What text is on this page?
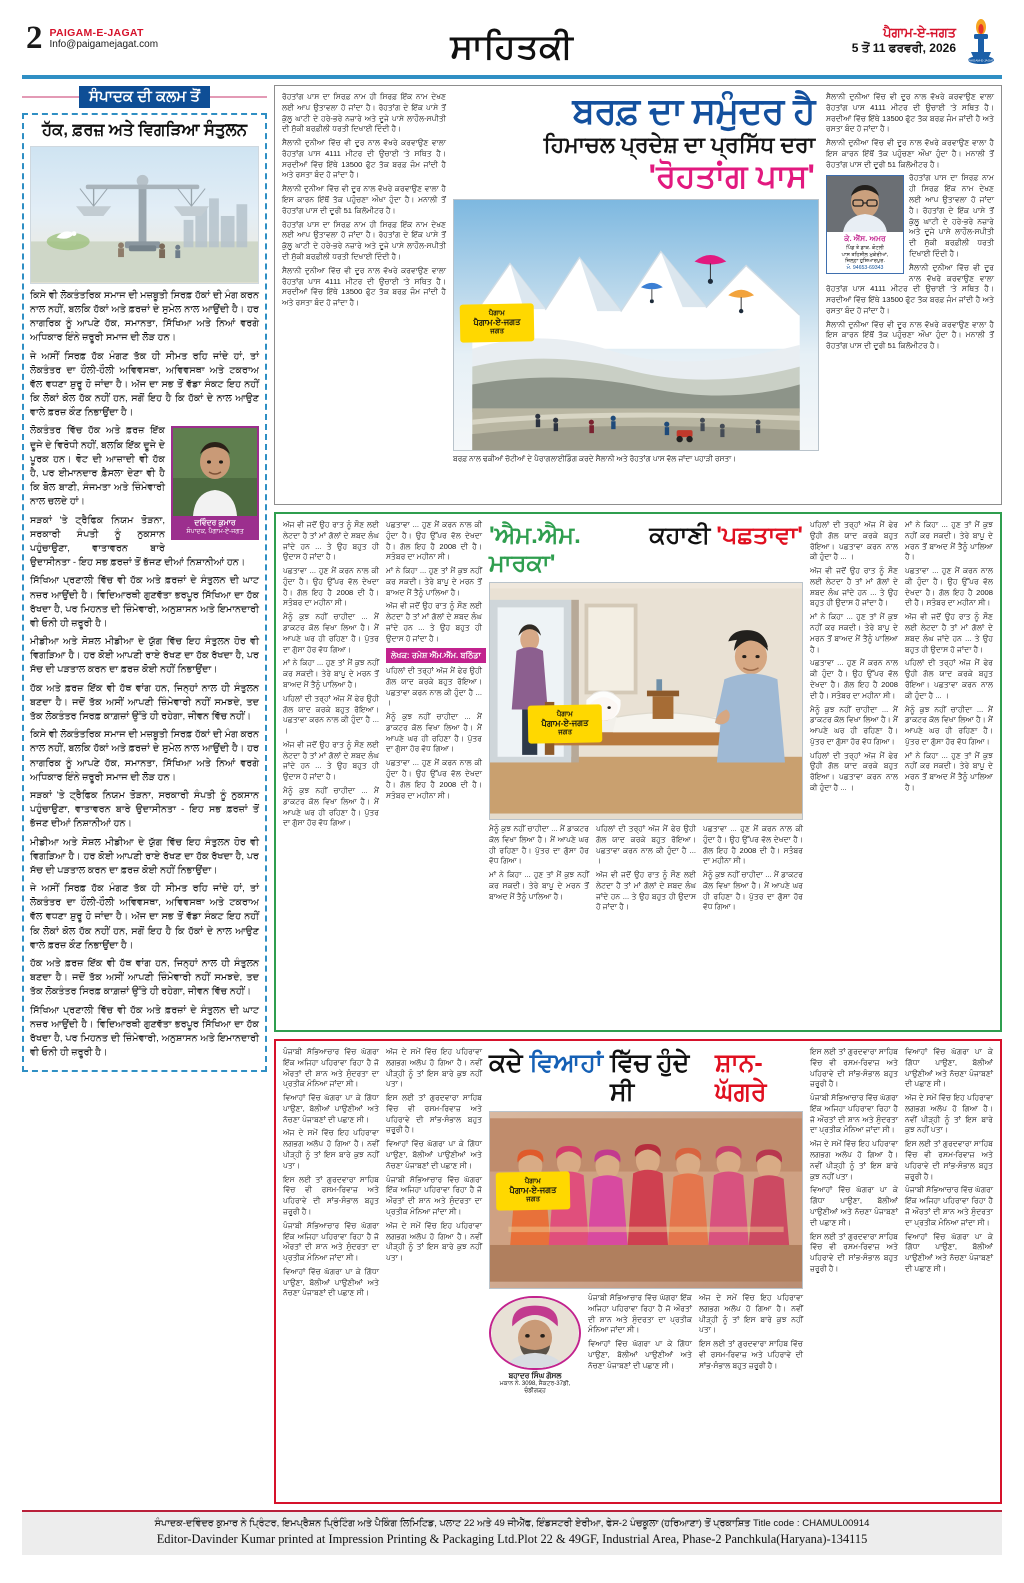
2 PAIGAM-E-JAGAT
Info@paigamejagat.com	ਸਾਹਿਤਕੀ	ਪੈਗਾਮ-ਏ-ਜਗਤ
5 ਤੋਂ 11 ਫਰਵਰੀ, 2026
PAIGAM-E-JAGAT
ਸੰਪਾਦਕ ਦੀ ਕਲਮ ਤੋਂ
ਹੱਕ, ਫ਼ਰਜ਼ ਅਤੇ ਵਿਗੜਿਆ ਸੰਤੁਲਨ

ਕਿਸੇ ਵੀ ਲੋਕਤੰਤਰਿਕ ਸਮਾਜ ਦੀ ਮਜ਼ਬੂਤੀ ਸਿਰਫ਼ ਹੱਕਾਂ ਦੀ ਮੰਗ ਕਰਨ ਨਾਲ ਨਹੀਂ, ਬਲਕਿ ਹੱਕਾਂ ਅਤੇ ਫ਼ਰਜ਼ਾਂ ਦੇ ਸੁਮੇਲ ਨਾਲ ਆਉਂਦੀ ਹੈ। ਹਰ ਨਾਗਰਿਕ ਨੂੰ ਆਪਣੇ ਹੱਕ, ਸਮਾਨਤਾ, ਸਿੱਖਿਆ ਅਤੇ ਨਿਆਂ ਵਰਗੇ ਅਧਿਕਾਰ ਇੰਨੇ ਜ਼ਰੂਰੀ ਸਮਾਜ ਦੀ ਲੋੜ ਹਨ।

ਜੇ ਅਸੀਂ ਸਿਰਫ਼ ਹੱਕ ਮੰਗਣ ਤੱਕ ਹੀ ਸੀਮਤ ਰਹਿ ਜਾਂਦੇ ਹਾਂ, ਤਾਂ ਲੋਕਤੰਤਰ ਦਾ ਹੌਲੀ-ਹੌਲੀ ਅਵਿਵਸਥਾ, ਅਵਿਵਸਥਾ ਅਤੇ ਟਕਰਾਅ ਵੱਲ ਵਧਣਾ ਸ਼ੁਰੂ ਹੋ ਜਾਂਦਾ ਹੈ। ਅੱਜ ਦਾ ਸਭ ਤੋਂ ਵੱਡਾ ਸੰਕਟ ਇਹ ਨਹੀਂ ਕਿ ਲੋਕਾਂ ਕੋਲ ਹੱਕ ਨਹੀਂ ਹਨ, ਸਗੋਂ ਇਹ ਹੈ ਕਿ ਹੱਕਾਂ ਦੇ ਨਾਲ ਆਉਣ ਵਾਲੇ ਫ਼ਰਜ਼ ਕੌਣ ਨਿਭਾਉਂਦਾ ਹੈ।

ਦਵਿੰਦਰ ਕੁਮਾਰ
ਸੰਪਾਦਕ, ਪੈਗਾਮ-ਏ-ਜਗਤ

ਲੋਕਤੰਤਰ ਵਿੱਚ ਹੱਕ ਅਤੇ ਫ਼ਰਜ਼ ਇੱਕ ਦੂਜੇ ਦੇ ਵਿਰੋਧੀ ਨਹੀਂ, ਬਲਕਿ ਇੱਕ ਦੂਜੇ ਦੇ ਪੂਰਕ ਹਨ। ਵੋਟ ਦੀ ਆਜ਼ਾਦੀ ਵੀ ਹੱਕ ਹੈ, ਪਰ ਈਮਾਨਦਾਰ ਫ਼ੈਸਲਾ ਦੇਣਾ ਵੀ ਹੈ ਕਿ ਬੋਲ ਬਾਣੀ, ਸੰਜਮਤਾ ਅਤੇ ਜ਼ਿੰਮੇਵਾਰੀ ਨਾਲ ਚਲਦੇ ਹਾਂ।

ਸੜਕਾਂ 'ਤੇ ਟ੍ਰੈਫਿਕ ਨਿਯਮ ਤੋੜਨਾ, ਸਰਕਾਰੀ ਸੰਪਤੀ ਨੂੰ ਨੁਕਸਾਨ ਪਹੁੰਚਾਉਣਾ, ਵਾਤਾਵਰਨ ਬਾਰੇ ਉਦਾਸੀਨਤਾ - ਇਹ ਸਭ ਫ਼ਰਜ਼ਾਂ ਤੋਂ ਭੱਜਣ ਦੀਆਂ ਨਿਸ਼ਾਨੀਆਂ ਹਨ।

ਸਿੱਖਿਆ ਪ੍ਰਣਾਲੀ ਵਿੱਚ ਵੀ ਹੱਕ ਅਤੇ ਫ਼ਰਜ਼ਾਂ ਦੇ ਸੰਤੁਲਨ ਦੀ ਘਾਟ ਨਜ਼ਰ ਆਉਂਦੀ ਹੈ। ਵਿਦਿਆਰਥੀ ਗੁਣਵੱਤਾ ਭਰਪੂਰ ਸਿੱਖਿਆ ਦਾ ਹੱਕ ਰੱਖਦਾ ਹੈ, ਪਰ ਮਿਹਨਤ ਦੀ ਜ਼ਿੰਮੇਵਾਰੀ, ਅਨੁਸ਼ਾਸਨ ਅਤੇ ਇਮਾਨਦਾਰੀ ਵੀ ਓਨੀ ਹੀ ਜ਼ਰੂਰੀ ਹੈ।

ਮੀਡੀਆ ਅਤੇ ਸੋਸ਼ਲ ਮੀਡੀਆ ਦੇ ਯੁੱਗ ਵਿੱਚ ਇਹ ਸੰਤੁਲਨ ਹੋਰ ਵੀ ਵਿਗੜਿਆ ਹੈ। ਹਰ ਕੋਈ ਆਪਣੀ ਰਾਏ ਰੱਖਣ ਦਾ ਹੱਕ ਰੱਖਦਾ ਹੈ, ਪਰ ਸੱਚ ਦੀ ਪੜਤਾਲ ਕਰਨ ਦਾ ਫ਼ਰਜ਼ ਕੋਈ ਨਹੀਂ ਨਿਭਾਉਂਦਾ।

ਹੱਕ ਅਤੇ ਫ਼ਰਜ਼ ਇੱਕ ਵੀ ਹੱਥ ਵਾਂਗ ਹਨ, ਜਿਨ੍ਹਾਂ ਨਾਲ ਹੀ ਸੰਤੁਲਨ ਬਣਦਾ ਹੈ। ਜਦੋਂ ਤੱਕ ਅਸੀਂ ਆਪਣੀ ਜ਼ਿੰਮੇਵਾਰੀ ਨਹੀਂ ਸਮਝਦੇ, ਤਦ ਤੱਕ ਲੋਕਤੰਤਰ ਸਿਰਫ਼ ਕਾਗ਼ਜ਼ਾਂ ਉੱਤੇ ਹੀ ਰਹੇਗਾ, ਜੀਵਨ ਵਿੱਚ ਨਹੀਂ।

ਕਿਸੇ ਵੀ ਲੋਕਤੰਤਰਿਕ ਸਮਾਜ ਦੀ ਮਜ਼ਬੂਤੀ ਸਿਰਫ਼ ਹੱਕਾਂ ਦੀ ਮੰਗ ਕਰਨ ਨਾਲ ਨਹੀਂ, ਬਲਕਿ ਹੱਕਾਂ ਅਤੇ ਫ਼ਰਜ਼ਾਂ ਦੇ ਸੁਮੇਲ ਨਾਲ ਆਉਂਦੀ ਹੈ। ਹਰ ਨਾਗਰਿਕ ਨੂੰ ਆਪਣੇ ਹੱਕ, ਸਮਾਨਤਾ, ਸਿੱਖਿਆ ਅਤੇ ਨਿਆਂ ਵਰਗੇ ਅਧਿਕਾਰ ਇੰਨੇ ਜ਼ਰੂਰੀ ਸਮਾਜ ਦੀ ਲੋੜ ਹਨ।

ਸੜਕਾਂ 'ਤੇ ਟ੍ਰੈਫਿਕ ਨਿਯਮ ਤੋੜਨਾ, ਸਰਕਾਰੀ ਸੰਪਤੀ ਨੂੰ ਨੁਕਸਾਨ ਪਹੁੰਚਾਉਣਾ, ਵਾਤਾਵਰਨ ਬਾਰੇ ਉਦਾਸੀਨਤਾ - ਇਹ ਸਭ ਫ਼ਰਜ਼ਾਂ ਤੋਂ ਭੱਜਣ ਦੀਆਂ ਨਿਸ਼ਾਨੀਆਂ ਹਨ।

ਮੀਡੀਆ ਅਤੇ ਸੋਸ਼ਲ ਮੀਡੀਆ ਦੇ ਯੁੱਗ ਵਿੱਚ ਇਹ ਸੰਤੁਲਨ ਹੋਰ ਵੀ ਵਿਗੜਿਆ ਹੈ। ਹਰ ਕੋਈ ਆਪਣੀ ਰਾਏ ਰੱਖਣ ਦਾ ਹੱਕ ਰੱਖਦਾ ਹੈ, ਪਰ ਸੱਚ ਦੀ ਪੜਤਾਲ ਕਰਨ ਦਾ ਫ਼ਰਜ਼ ਕੋਈ ਨਹੀਂ ਨਿਭਾਉਂਦਾ।

ਜੇ ਅਸੀਂ ਸਿਰਫ਼ ਹੱਕ ਮੰਗਣ ਤੱਕ ਹੀ ਸੀਮਤ ਰਹਿ ਜਾਂਦੇ ਹਾਂ, ਤਾਂ ਲੋਕਤੰਤਰ ਦਾ ਹੌਲੀ-ਹੌਲੀ ਅਵਿਵਸਥਾ, ਅਵਿਵਸਥਾ ਅਤੇ ਟਕਰਾਅ ਵੱਲ ਵਧਣਾ ਸ਼ੁਰੂ ਹੋ ਜਾਂਦਾ ਹੈ। ਅੱਜ ਦਾ ਸਭ ਤੋਂ ਵੱਡਾ ਸੰਕਟ ਇਹ ਨਹੀਂ ਕਿ ਲੋਕਾਂ ਕੋਲ ਹੱਕ ਨਹੀਂ ਹਨ, ਸਗੋਂ ਇਹ ਹੈ ਕਿ ਹੱਕਾਂ ਦੇ ਨਾਲ ਆਉਣ ਵਾਲੇ ਫ਼ਰਜ਼ ਕੌਣ ਨਿਭਾਉਂਦਾ ਹੈ।

ਹੱਕ ਅਤੇ ਫ਼ਰਜ਼ ਇੱਕ ਵੀ ਹੱਥ ਵਾਂਗ ਹਨ, ਜਿਨ੍ਹਾਂ ਨਾਲ ਹੀ ਸੰਤੁਲਨ ਬਣਦਾ ਹੈ। ਜਦੋਂ ਤੱਕ ਅਸੀਂ ਆਪਣੀ ਜ਼ਿੰਮੇਵਾਰੀ ਨਹੀਂ ਸਮਝਦੇ, ਤਦ ਤੱਕ ਲੋਕਤੰਤਰ ਸਿਰਫ਼ ਕਾਗ਼ਜ਼ਾਂ ਉੱਤੇ ਹੀ ਰਹੇਗਾ, ਜੀਵਨ ਵਿੱਚ ਨਹੀਂ।

ਸਿੱਖਿਆ ਪ੍ਰਣਾਲੀ ਵਿੱਚ ਵੀ ਹੱਕ ਅਤੇ ਫ਼ਰਜ਼ਾਂ ਦੇ ਸੰਤੁਲਨ ਦੀ ਘਾਟ ਨਜ਼ਰ ਆਉਂਦੀ ਹੈ। ਵਿਦਿਆਰਥੀ ਗੁਣਵੱਤਾ ਭਰਪੂਰ ਸਿੱਖਿਆ ਦਾ ਹੱਕ ਰੱਖਦਾ ਹੈ, ਪਰ ਮਿਹਨਤ ਦੀ ਜ਼ਿੰਮੇਵਾਰੀ, ਅਨੁਸ਼ਾਸਨ ਅਤੇ ਇਮਾਨਦਾਰੀ ਵੀ ਓਨੀ ਹੀ ਜ਼ਰੂਰੀ ਹੈ।

ਰੋਹਤਾਂਗ ਪਾਸ ਦਾ ਸਿਰਫ਼ ਨਾਮ ਹੀ ਸਿਰਫ਼ ਇੱਕ ਨਾਮ ਦੇਖਣ ਲਈ ਆਪ ਉਤਾਵਲਾ ਹੋ ਜਾਂਦਾ ਹੈ। ਰੋਹਤਾਂਗ ਦੇ ਇੱਕ ਪਾਸੇ ਤੋਂ ਕੁੱਲੂ ਘਾਟੀ ਦੇ ਹਰੇ-ਭਰੇ ਨਜ਼ਾਰੇ ਅਤੇ ਦੂਜੇ ਪਾਸੇ ਲਾਹੌਲ-ਸਪੀਤੀ ਦੀ ਸੁੱਕੀ ਬਰਫ਼ੀਲੀ ਧਰਤੀ ਦਿਖਾਈ ਦਿੰਦੀ ਹੈ।

ਸੈਲਾਨੀ ਦੁਨੀਆ ਵਿੱਚ ਵੀ ਦੂਰ ਨਾਲ ਵੱਖਰੇ ਕਰਵਾਉਣ ਵਾਲਾ ਰੋਹਤਾਂਗ ਪਾਸ 4111 ਮੀਟਰ ਦੀ ਉਚਾਈ 'ਤੇ ਸਥਿਤ ਹੈ। ਸਰਦੀਆਂ ਵਿੱਚ ਇੱਥੇ 13500 ਫੁੱਟ ਤੱਕ ਬਰਫ਼ ਜੰਮ ਜਾਂਦੀ ਹੈ ਅਤੇ ਰਸਤਾ ਬੰਦ ਹੋ ਜਾਂਦਾ ਹੈ।

ਸੈਲਾਨੀ ਦੁਨੀਆ ਵਿੱਚ ਵੀ ਦੂਰ ਨਾਲ ਵੱਖਰੇ ਕਰਵਾਉਣ ਵਾਲਾ ਹੈ ਇਸ ਕਾਰਨ ਇੱਥੋਂ ਤੱਕ ਪਹੁੰਚਣਾ ਔਖਾ ਹੁੰਦਾ ਹੈ। ਮਨਾਲੀ ਤੋਂ ਰੋਹਤਾਂਗ ਪਾਸ ਦੀ ਦੂਰੀ 51 ਕਿਲੋਮੀਟਰ ਹੈ।

ਰੋਹਤਾਂਗ ਪਾਸ ਦਾ ਸਿਰਫ਼ ਨਾਮ ਹੀ ਸਿਰਫ਼ ਇੱਕ ਨਾਮ ਦੇਖਣ ਲਈ ਆਪ ਉਤਾਵਲਾ ਹੋ ਜਾਂਦਾ ਹੈ। ਰੋਹਤਾਂਗ ਦੇ ਇੱਕ ਪਾਸੇ ਤੋਂ ਕੁੱਲੂ ਘਾਟੀ ਦੇ ਹਰੇ-ਭਰੇ ਨਜ਼ਾਰੇ ਅਤੇ ਦੂਜੇ ਪਾਸੇ ਲਾਹੌਲ-ਸਪੀਤੀ ਦੀ ਸੁੱਕੀ ਬਰਫ਼ੀਲੀ ਧਰਤੀ ਦਿਖਾਈ ਦਿੰਦੀ ਹੈ।

ਸੈਲਾਨੀ ਦੁਨੀਆ ਵਿੱਚ ਵੀ ਦੂਰ ਨਾਲ ਵੱਖਰੇ ਕਰਵਾਉਣ ਵਾਲਾ ਰੋਹਤਾਂਗ ਪਾਸ 4111 ਮੀਟਰ ਦੀ ਉਚਾਈ 'ਤੇ ਸਥਿਤ ਹੈ। ਸਰਦੀਆਂ ਵਿੱਚ ਇੱਥੇ 13500 ਫੁੱਟ ਤੱਕ ਬਰਫ਼ ਜੰਮ ਜਾਂਦੀ ਹੈ ਅਤੇ ਰਸਤਾ ਬੰਦ ਹੋ ਜਾਂਦਾ ਹੈ।

ਬਰਫ਼ ਦਾ ਸਮੁੰਦਰ ਹੈ
ਹਿਮਾਚਲ ਪ੍ਰਦੇਸ਼ ਦਾ ਪ੍ਰਸਿੱਧ ਦਰਾ
'ਰੋਹਤਾਂਗ ਪਾਸ'
ਪੈਗਾਮ
ਪੈਗਾਮ-ਏ-ਜਗਤ
ਜਗਤ
ਬਰਫ਼ ਨਾਲ ਢਕੀਆਂ ਚੋਟੀਆਂ ਦੇ ਪੈਰਾਗਲਾਈਡਿੰਗ ਕਰਦੇ ਸੈਲਾਨੀ ਅਤੇ ਰੋਹਤਾਂਗ ਪਾਸ ਵੱਲ ਜਾਂਦਾ ਪਹਾੜੀ ਰਸਤਾ।

ਸੈਲਾਨੀ ਦੁਨੀਆ ਵਿੱਚ ਵੀ ਦੂਰ ਨਾਲ ਵੱਖਰੇ ਕਰਵਾਉਣ ਵਾਲਾ ਰੋਹਤਾਂਗ ਪਾਸ 4111 ਮੀਟਰ ਦੀ ਉਚਾਈ 'ਤੇ ਸਥਿਤ ਹੈ। ਸਰਦੀਆਂ ਵਿੱਚ ਇੱਥੇ 13500 ਫੁੱਟ ਤੱਕ ਬਰਫ਼ ਜੰਮ ਜਾਂਦੀ ਹੈ ਅਤੇ ਰਸਤਾ ਬੰਦ ਹੋ ਜਾਂਦਾ ਹੈ।

ਸੈਲਾਨੀ ਦੁਨੀਆ ਵਿੱਚ ਵੀ ਦੂਰ ਨਾਲ ਵੱਖਰੇ ਕਰਵਾਉਣ ਵਾਲਾ ਹੈ ਇਸ ਕਾਰਨ ਇੱਥੋਂ ਤੱਕ ਪਹੁੰਚਣਾ ਔਖਾ ਹੁੰਦਾ ਹੈ। ਮਨਾਲੀ ਤੋਂ ਰੋਹਤਾਂਗ ਪਾਸ ਦੀ ਦੂਰੀ 51 ਕਿਲੋਮੀਟਰ ਹੈ।

ਕੇ. ਐੱਸ. ਅਮਰ
ਪਿੰਡ ਤੇ ਡਾਕ. ਕੋਟਲੀ
ਪਾਸ ਤਹਿਸੀਲ ਮੁਕੇਰੀਆਂ,
ਜ਼ਿਲ੍ਹਾ ਹੁਸ਼ਿਆਰਪੁਰ.
ਮੋ. 94653-69343

ਰੋਹਤਾਂਗ ਪਾਸ ਦਾ ਸਿਰਫ਼ ਨਾਮ ਹੀ ਸਿਰਫ਼ ਇੱਕ ਨਾਮ ਦੇਖਣ ਲਈ ਆਪ ਉਤਾਵਲਾ ਹੋ ਜਾਂਦਾ ਹੈ। ਰੋਹਤਾਂਗ ਦੇ ਇੱਕ ਪਾਸੇ ਤੋਂ ਕੁੱਲੂ ਘਾਟੀ ਦੇ ਹਰੇ-ਭਰੇ ਨਜ਼ਾਰੇ ਅਤੇ ਦੂਜੇ ਪਾਸੇ ਲਾਹੌਲ-ਸਪੀਤੀ ਦੀ ਸੁੱਕੀ ਬਰਫ਼ੀਲੀ ਧਰਤੀ ਦਿਖਾਈ ਦਿੰਦੀ ਹੈ।

ਸੈਲਾਨੀ ਦੁਨੀਆ ਵਿੱਚ ਵੀ ਦੂਰ ਨਾਲ ਵੱਖਰੇ ਕਰਵਾਉਣ ਵਾਲਾ ਰੋਹਤਾਂਗ ਪਾਸ 4111 ਮੀਟਰ ਦੀ ਉਚਾਈ 'ਤੇ ਸਥਿਤ ਹੈ। ਸਰਦੀਆਂ ਵਿੱਚ ਇੱਥੇ 13500 ਫੁੱਟ ਤੱਕ ਬਰਫ਼ ਜੰਮ ਜਾਂਦੀ ਹੈ ਅਤੇ ਰਸਤਾ ਬੰਦ ਹੋ ਜਾਂਦਾ ਹੈ।

ਸੈਲਾਨੀ ਦੁਨੀਆ ਵਿੱਚ ਵੀ ਦੂਰ ਨਾਲ ਵੱਖਰੇ ਕਰਵਾਉਣ ਵਾਲਾ ਹੈ ਇਸ ਕਾਰਨ ਇੱਥੋਂ ਤੱਕ ਪਹੁੰਚਣਾ ਔਖਾ ਹੁੰਦਾ ਹੈ। ਮਨਾਲੀ ਤੋਂ ਰੋਹਤਾਂਗ ਪਾਸ ਦੀ ਦੂਰੀ 51 ਕਿਲੋਮੀਟਰ ਹੈ।

ਅੱਜ ਵੀ ਜਦੋਂ ਉਹ ਰਾਤ ਨੂੰ ਸੌਣ ਲਈ ਲੇਟਦਾ ਹੈ ਤਾਂ ਮਾਂ ਗੱਲਾਂ ਦੇ ਸ਼ਬਦ ਲੰਘ ਜਾਂਦੇ ਹਨ ... ਤੇ ਉਹ ਬਹੁਤ ਹੀ ਉਦਾਸ ਹੋ ਜਾਂਦਾ ਹੈ।

ਪਛਤਾਵਾ ... ਹੁਣ ਮੈਂ ਕਰਨ ਨਾਲ ਕੀ ਹੁੰਦਾ ਹੈ। ਉਹ ਉੱਪਰ ਵੱਲ ਦੇਖਦਾ ਹੈ। ਗੱਲ ਇਹ ਹੈ 2008 ਦੀ ਹੈ। ਸਤੰਬਰ ਦਾ ਮਹੀਨਾ ਸੀ।

ਮੈਨੂੰ ਕੁਝ ਨਹੀਂ ਚਾਹੀਦਾ ... ਮੈਂ ਡਾਕਟਰ ਕੋਲ ਵਿਖਾ ਲਿਆ ਹੈ। ਮੈਂ ਆਪਣੇ ਘਰ ਹੀ ਰਹਿਣਾ ਹੈ। ਪੁੱਤਰ ਦਾ ਗੁੱਸਾ ਹੋਰ ਵੱਧ ਗਿਆ।

ਮਾਂ ਨੇ ਕਿਹਾ ... ਹੁਣ ਤਾਂ ਮੈਂ ਕੁਝ ਨਹੀਂ ਕਰ ਸਕਦੀ। ਤੇਰੇ ਬਾਪੂ ਦੇ ਮਰਨ ਤੋਂ ਬਾਅਦ ਮੈਂ ਤੈਨੂੰ ਪਾਲਿਆ ਹੈ।

ਪਹਿਲਾਂ ਦੀ ਤਰ੍ਹਾਂ ਅੱਜ ਮੈਂ ਫੇਰ ਉਹੀ ਗੱਲ ਯਾਦ ਕਰਕੇ ਬਹੁਤ ਰੋਇਆ। ਪਛਤਾਵਾ ਕਰਨ ਨਾਲ ਕੀ ਹੁੰਦਾ ਹੈ ... ।

ਅੱਜ ਵੀ ਜਦੋਂ ਉਹ ਰਾਤ ਨੂੰ ਸੌਣ ਲਈ ਲੇਟਦਾ ਹੈ ਤਾਂ ਮਾਂ ਗੱਲਾਂ ਦੇ ਸ਼ਬਦ ਲੰਘ ਜਾਂਦੇ ਹਨ ... ਤੇ ਉਹ ਬਹੁਤ ਹੀ ਉਦਾਸ ਹੋ ਜਾਂਦਾ ਹੈ।

ਮੈਨੂੰ ਕੁਝ ਨਹੀਂ ਚਾਹੀਦਾ ... ਮੈਂ ਡਾਕਟਰ ਕੋਲ ਵਿਖਾ ਲਿਆ ਹੈ। ਮੈਂ ਆਪਣੇ ਘਰ ਹੀ ਰਹਿਣਾ ਹੈ। ਪੁੱਤਰ ਦਾ ਗੁੱਸਾ ਹੋਰ ਵੱਧ ਗਿਆ।

ਪਛਤਾਵਾ ... ਹੁਣ ਮੈਂ ਕਰਨ ਨਾਲ ਕੀ ਹੁੰਦਾ ਹੈ। ਉਹ ਉੱਪਰ ਵੱਲ ਦੇਖਦਾ ਹੈ। ਗੱਲ ਇਹ ਹੈ 2008 ਦੀ ਹੈ। ਸਤੰਬਰ ਦਾ ਮਹੀਨਾ ਸੀ।

ਮਾਂ ਨੇ ਕਿਹਾ ... ਹੁਣ ਤਾਂ ਮੈਂ ਕੁਝ ਨਹੀਂ ਕਰ ਸਕਦੀ। ਤੇਰੇ ਬਾਪੂ ਦੇ ਮਰਨ ਤੋਂ ਬਾਅਦ ਮੈਂ ਤੈਨੂੰ ਪਾਲਿਆ ਹੈ।

ਅੱਜ ਵੀ ਜਦੋਂ ਉਹ ਰਾਤ ਨੂੰ ਸੌਣ ਲਈ ਲੇਟਦਾ ਹੈ ਤਾਂ ਮਾਂ ਗੱਲਾਂ ਦੇ ਸ਼ਬਦ ਲੰਘ ਜਾਂਦੇ ਹਨ ... ਤੇ ਉਹ ਬਹੁਤ ਹੀ ਉਦਾਸ ਹੋ ਜਾਂਦਾ ਹੈ।

ਲੇਖਕ: ਰਮੇਸ਼ ਐੱਮ.ਐੱਮ. ਬਠਿੰਡਾ

ਪਹਿਲਾਂ ਦੀ ਤਰ੍ਹਾਂ ਅੱਜ ਮੈਂ ਫੇਰ ਉਹੀ ਗੱਲ ਯਾਦ ਕਰਕੇ ਬਹੁਤ ਰੋਇਆ। ਪਛਤਾਵਾ ਕਰਨ ਨਾਲ ਕੀ ਹੁੰਦਾ ਹੈ ... ।

ਮੈਨੂੰ ਕੁਝ ਨਹੀਂ ਚਾਹੀਦਾ ... ਮੈਂ ਡਾਕਟਰ ਕੋਲ ਵਿਖਾ ਲਿਆ ਹੈ। ਮੈਂ ਆਪਣੇ ਘਰ ਹੀ ਰਹਿਣਾ ਹੈ। ਪੁੱਤਰ ਦਾ ਗੁੱਸਾ ਹੋਰ ਵੱਧ ਗਿਆ।

ਪਛਤਾਵਾ ... ਹੁਣ ਮੈਂ ਕਰਨ ਨਾਲ ਕੀ ਹੁੰਦਾ ਹੈ। ਉਹ ਉੱਪਰ ਵੱਲ ਦੇਖਦਾ ਹੈ। ਗੱਲ ਇਹ ਹੈ 2008 ਦੀ ਹੈ। ਸਤੰਬਰ ਦਾ ਮਹੀਨਾ ਸੀ।

'ਐਮ.ਐਮ. ਮਾਰਕਾ'
ਕਹਾਣੀ 'ਪਛਤਾਵਾ'
ਪੈਗਾਮ
ਪੈਗਾਮ-ਏ-ਜਗਤ
ਜਗਤ

ਮੈਨੂੰ ਕੁਝ ਨਹੀਂ ਚਾਹੀਦਾ ... ਮੈਂ ਡਾਕਟਰ ਕੋਲ ਵਿਖਾ ਲਿਆ ਹੈ। ਮੈਂ ਆਪਣੇ ਘਰ ਹੀ ਰਹਿਣਾ ਹੈ। ਪੁੱਤਰ ਦਾ ਗੁੱਸਾ ਹੋਰ ਵੱਧ ਗਿਆ।

ਮਾਂ ਨੇ ਕਿਹਾ ... ਹੁਣ ਤਾਂ ਮੈਂ ਕੁਝ ਨਹੀਂ ਕਰ ਸਕਦੀ। ਤੇਰੇ ਬਾਪੂ ਦੇ ਮਰਨ ਤੋਂ ਬਾਅਦ ਮੈਂ ਤੈਨੂੰ ਪਾਲਿਆ ਹੈ।

ਪਹਿਲਾਂ ਦੀ ਤਰ੍ਹਾਂ ਅੱਜ ਮੈਂ ਫੇਰ ਉਹੀ ਗੱਲ ਯਾਦ ਕਰਕੇ ਬਹੁਤ ਰੋਇਆ। ਪਛਤਾਵਾ ਕਰਨ ਨਾਲ ਕੀ ਹੁੰਦਾ ਹੈ ... ।

ਅੱਜ ਵੀ ਜਦੋਂ ਉਹ ਰਾਤ ਨੂੰ ਸੌਣ ਲਈ ਲੇਟਦਾ ਹੈ ਤਾਂ ਮਾਂ ਗੱਲਾਂ ਦੇ ਸ਼ਬਦ ਲੰਘ ਜਾਂਦੇ ਹਨ ... ਤੇ ਉਹ ਬਹੁਤ ਹੀ ਉਦਾਸ ਹੋ ਜਾਂਦਾ ਹੈ।

ਪਛਤਾਵਾ ... ਹੁਣ ਮੈਂ ਕਰਨ ਨਾਲ ਕੀ ਹੁੰਦਾ ਹੈ। ਉਹ ਉੱਪਰ ਵੱਲ ਦੇਖਦਾ ਹੈ। ਗੱਲ ਇਹ ਹੈ 2008 ਦੀ ਹੈ। ਸਤੰਬਰ ਦਾ ਮਹੀਨਾ ਸੀ।

ਮੈਨੂੰ ਕੁਝ ਨਹੀਂ ਚਾਹੀਦਾ ... ਮੈਂ ਡਾਕਟਰ ਕੋਲ ਵਿਖਾ ਲਿਆ ਹੈ। ਮੈਂ ਆਪਣੇ ਘਰ ਹੀ ਰਹਿਣਾ ਹੈ। ਪੁੱਤਰ ਦਾ ਗੁੱਸਾ ਹੋਰ ਵੱਧ ਗਿਆ।

ਪਹਿਲਾਂ ਦੀ ਤਰ੍ਹਾਂ ਅੱਜ ਮੈਂ ਫੇਰ ਉਹੀ ਗੱਲ ਯਾਦ ਕਰਕੇ ਬਹੁਤ ਰੋਇਆ। ਪਛਤਾਵਾ ਕਰਨ ਨਾਲ ਕੀ ਹੁੰਦਾ ਹੈ ... ।

ਅੱਜ ਵੀ ਜਦੋਂ ਉਹ ਰਾਤ ਨੂੰ ਸੌਣ ਲਈ ਲੇਟਦਾ ਹੈ ਤਾਂ ਮਾਂ ਗੱਲਾਂ ਦੇ ਸ਼ਬਦ ਲੰਘ ਜਾਂਦੇ ਹਨ ... ਤੇ ਉਹ ਬਹੁਤ ਹੀ ਉਦਾਸ ਹੋ ਜਾਂਦਾ ਹੈ।

ਮਾਂ ਨੇ ਕਿਹਾ ... ਹੁਣ ਤਾਂ ਮੈਂ ਕੁਝ ਨਹੀਂ ਕਰ ਸਕਦੀ। ਤੇਰੇ ਬਾਪੂ ਦੇ ਮਰਨ ਤੋਂ ਬਾਅਦ ਮੈਂ ਤੈਨੂੰ ਪਾਲਿਆ ਹੈ।

ਪਛਤਾਵਾ ... ਹੁਣ ਮੈਂ ਕਰਨ ਨਾਲ ਕੀ ਹੁੰਦਾ ਹੈ। ਉਹ ਉੱਪਰ ਵੱਲ ਦੇਖਦਾ ਹੈ। ਗੱਲ ਇਹ ਹੈ 2008 ਦੀ ਹੈ। ਸਤੰਬਰ ਦਾ ਮਹੀਨਾ ਸੀ।

ਮੈਨੂੰ ਕੁਝ ਨਹੀਂ ਚਾਹੀਦਾ ... ਮੈਂ ਡਾਕਟਰ ਕੋਲ ਵਿਖਾ ਲਿਆ ਹੈ। ਮੈਂ ਆਪਣੇ ਘਰ ਹੀ ਰਹਿਣਾ ਹੈ। ਪੁੱਤਰ ਦਾ ਗੁੱਸਾ ਹੋਰ ਵੱਧ ਗਿਆ।

ਪਹਿਲਾਂ ਦੀ ਤਰ੍ਹਾਂ ਅੱਜ ਮੈਂ ਫੇਰ ਉਹੀ ਗੱਲ ਯਾਦ ਕਰਕੇ ਬਹੁਤ ਰੋਇਆ। ਪਛਤਾਵਾ ਕਰਨ ਨਾਲ ਕੀ ਹੁੰਦਾ ਹੈ ... ।

ਮਾਂ ਨੇ ਕਿਹਾ ... ਹੁਣ ਤਾਂ ਮੈਂ ਕੁਝ ਨਹੀਂ ਕਰ ਸਕਦੀ। ਤੇਰੇ ਬਾਪੂ ਦੇ ਮਰਨ ਤੋਂ ਬਾਅਦ ਮੈਂ ਤੈਨੂੰ ਪਾਲਿਆ ਹੈ।

ਪਛਤਾਵਾ ... ਹੁਣ ਮੈਂ ਕਰਨ ਨਾਲ ਕੀ ਹੁੰਦਾ ਹੈ। ਉਹ ਉੱਪਰ ਵੱਲ ਦੇਖਦਾ ਹੈ। ਗੱਲ ਇਹ ਹੈ 2008 ਦੀ ਹੈ। ਸਤੰਬਰ ਦਾ ਮਹੀਨਾ ਸੀ।

ਅੱਜ ਵੀ ਜਦੋਂ ਉਹ ਰਾਤ ਨੂੰ ਸੌਣ ਲਈ ਲੇਟਦਾ ਹੈ ਤਾਂ ਮਾਂ ਗੱਲਾਂ ਦੇ ਸ਼ਬਦ ਲੰਘ ਜਾਂਦੇ ਹਨ ... ਤੇ ਉਹ ਬਹੁਤ ਹੀ ਉਦਾਸ ਹੋ ਜਾਂਦਾ ਹੈ।

ਪਹਿਲਾਂ ਦੀ ਤਰ੍ਹਾਂ ਅੱਜ ਮੈਂ ਫੇਰ ਉਹੀ ਗੱਲ ਯਾਦ ਕਰਕੇ ਬਹੁਤ ਰੋਇਆ। ਪਛਤਾਵਾ ਕਰਨ ਨਾਲ ਕੀ ਹੁੰਦਾ ਹੈ ... ।

ਮੈਨੂੰ ਕੁਝ ਨਹੀਂ ਚਾਹੀਦਾ ... ਮੈਂ ਡਾਕਟਰ ਕੋਲ ਵਿਖਾ ਲਿਆ ਹੈ। ਮੈਂ ਆਪਣੇ ਘਰ ਹੀ ਰਹਿਣਾ ਹੈ। ਪੁੱਤਰ ਦਾ ਗੁੱਸਾ ਹੋਰ ਵੱਧ ਗਿਆ।

ਮਾਂ ਨੇ ਕਿਹਾ ... ਹੁਣ ਤਾਂ ਮੈਂ ਕੁਝ ਨਹੀਂ ਕਰ ਸਕਦੀ। ਤੇਰੇ ਬਾਪੂ ਦੇ ਮਰਨ ਤੋਂ ਬਾਅਦ ਮੈਂ ਤੈਨੂੰ ਪਾਲਿਆ ਹੈ।

ਪੰਜਾਬੀ ਸੱਭਿਆਚਾਰ ਵਿੱਚ ਘੱਗਰਾ ਇੱਕ ਅਜਿਹਾ ਪਹਿਰਾਵਾ ਰਿਹਾ ਹੈ ਜੋ ਔਰਤਾਂ ਦੀ ਸ਼ਾਨ ਅਤੇ ਸੁੰਦਰਤਾ ਦਾ ਪ੍ਰਤੀਕ ਮੰਨਿਆ ਜਾਂਦਾ ਸੀ।

ਵਿਆਹਾਂ ਵਿੱਚ ਘੱਗਰਾ ਪਾ ਕੇ ਗਿੱਧਾ ਪਾਉਣਾ, ਬੋਲੀਆਂ ਪਾਉਣੀਆਂ ਅਤੇ ਨੱਚਣਾ ਪੰਜਾਬਣਾਂ ਦੀ ਪਛਾਣ ਸੀ।

ਅੱਜ ਦੇ ਸਮੇਂ ਵਿੱਚ ਇਹ ਪਹਿਰਾਵਾ ਲਗਭਗ ਅਲੋਪ ਹੋ ਗਿਆ ਹੈ। ਨਵੀਂ ਪੀੜ੍ਹੀ ਨੂੰ ਤਾਂ ਇਸ ਬਾਰੇ ਕੁਝ ਨਹੀਂ ਪਤਾ।

ਇਸ ਲਈ ਤਾਂ ਗੁਰਦਵਾਰਾ ਸਾਹਿਬ ਵਿੱਚ ਵੀ ਰਸਮ-ਰਿਵਾਜ਼ ਅਤੇ ਪਹਿਰਾਵੇ ਦੀ ਸਾਂਭ-ਸੰਭਾਲ ਬਹੁਤ ਜ਼ਰੂਰੀ ਹੈ।

ਪੰਜਾਬੀ ਸੱਭਿਆਚਾਰ ਵਿੱਚ ਘੱਗਰਾ ਇੱਕ ਅਜਿਹਾ ਪਹਿਰਾਵਾ ਰਿਹਾ ਹੈ ਜੋ ਔਰਤਾਂ ਦੀ ਸ਼ਾਨ ਅਤੇ ਸੁੰਦਰਤਾ ਦਾ ਪ੍ਰਤੀਕ ਮੰਨਿਆ ਜਾਂਦਾ ਸੀ।

ਵਿਆਹਾਂ ਵਿੱਚ ਘੱਗਰਾ ਪਾ ਕੇ ਗਿੱਧਾ ਪਾਉਣਾ, ਬੋਲੀਆਂ ਪਾਉਣੀਆਂ ਅਤੇ ਨੱਚਣਾ ਪੰਜਾਬਣਾਂ ਦੀ ਪਛਾਣ ਸੀ।

ਅੱਜ ਦੇ ਸਮੇਂ ਵਿੱਚ ਇਹ ਪਹਿਰਾਵਾ ਲਗਭਗ ਅਲੋਪ ਹੋ ਗਿਆ ਹੈ। ਨਵੀਂ ਪੀੜ੍ਹੀ ਨੂੰ ਤਾਂ ਇਸ ਬਾਰੇ ਕੁਝ ਨਹੀਂ ਪਤਾ।

ਇਸ ਲਈ ਤਾਂ ਗੁਰਦਵਾਰਾ ਸਾਹਿਬ ਵਿੱਚ ਵੀ ਰਸਮ-ਰਿਵਾਜ਼ ਅਤੇ ਪਹਿਰਾਵੇ ਦੀ ਸਾਂਭ-ਸੰਭਾਲ ਬਹੁਤ ਜ਼ਰੂਰੀ ਹੈ।

ਵਿਆਹਾਂ ਵਿੱਚ ਘੱਗਰਾ ਪਾ ਕੇ ਗਿੱਧਾ ਪਾਉਣਾ, ਬੋਲੀਆਂ ਪਾਉਣੀਆਂ ਅਤੇ ਨੱਚਣਾ ਪੰਜਾਬਣਾਂ ਦੀ ਪਛਾਣ ਸੀ।

ਪੰਜਾਬੀ ਸੱਭਿਆਚਾਰ ਵਿੱਚ ਘੱਗਰਾ ਇੱਕ ਅਜਿਹਾ ਪਹਿਰਾਵਾ ਰਿਹਾ ਹੈ ਜੋ ਔਰਤਾਂ ਦੀ ਸ਼ਾਨ ਅਤੇ ਸੁੰਦਰਤਾ ਦਾ ਪ੍ਰਤੀਕ ਮੰਨਿਆ ਜਾਂਦਾ ਸੀ।

ਅੱਜ ਦੇ ਸਮੇਂ ਵਿੱਚ ਇਹ ਪਹਿਰਾਵਾ ਲਗਭਗ ਅਲੋਪ ਹੋ ਗਿਆ ਹੈ। ਨਵੀਂ ਪੀੜ੍ਹੀ ਨੂੰ ਤਾਂ ਇਸ ਬਾਰੇ ਕੁਝ ਨਹੀਂ ਪਤਾ।

ਕਦੇ ਵਿਆਹਾਂ ਵਿੱਚ ਹੁੰਦੇ ਸੀ
ਸ਼ਾਨ-ਘੱਗਰੇ
ਪੈਗਾਮ
ਪੈਗਾਮ-ਏ-ਜਗਤ
ਜਗਤ
ਬਹਾਦਰ ਸਿੰਘ ਗੋਸਲ
ਮਕਾਨ ਨੰ. 3098, ਸੈਕਟਰ-37ਡੀ, ਚੰਡੀਗੜ੍ਹ

ਪੰਜਾਬੀ ਸੱਭਿਆਚਾਰ ਵਿੱਚ ਘੱਗਰਾ ਇੱਕ ਅਜਿਹਾ ਪਹਿਰਾਵਾ ਰਿਹਾ ਹੈ ਜੋ ਔਰਤਾਂ ਦੀ ਸ਼ਾਨ ਅਤੇ ਸੁੰਦਰਤਾ ਦਾ ਪ੍ਰਤੀਕ ਮੰਨਿਆ ਜਾਂਦਾ ਸੀ।

ਵਿਆਹਾਂ ਵਿੱਚ ਘੱਗਰਾ ਪਾ ਕੇ ਗਿੱਧਾ ਪਾਉਣਾ, ਬੋਲੀਆਂ ਪਾਉਣੀਆਂ ਅਤੇ ਨੱਚਣਾ ਪੰਜਾਬਣਾਂ ਦੀ ਪਛਾਣ ਸੀ।

ਅੱਜ ਦੇ ਸਮੇਂ ਵਿੱਚ ਇਹ ਪਹਿਰਾਵਾ ਲਗਭਗ ਅਲੋਪ ਹੋ ਗਿਆ ਹੈ। ਨਵੀਂ ਪੀੜ੍ਹੀ ਨੂੰ ਤਾਂ ਇਸ ਬਾਰੇ ਕੁਝ ਨਹੀਂ ਪਤਾ।

ਇਸ ਲਈ ਤਾਂ ਗੁਰਦਵਾਰਾ ਸਾਹਿਬ ਵਿੱਚ ਵੀ ਰਸਮ-ਰਿਵਾਜ਼ ਅਤੇ ਪਹਿਰਾਵੇ ਦੀ ਸਾਂਭ-ਸੰਭਾਲ ਬਹੁਤ ਜ਼ਰੂਰੀ ਹੈ।

ਇਸ ਲਈ ਤਾਂ ਗੁਰਦਵਾਰਾ ਸਾਹਿਬ ਵਿੱਚ ਵੀ ਰਸਮ-ਰਿਵਾਜ਼ ਅਤੇ ਪਹਿਰਾਵੇ ਦੀ ਸਾਂਭ-ਸੰਭਾਲ ਬਹੁਤ ਜ਼ਰੂਰੀ ਹੈ।

ਪੰਜਾਬੀ ਸੱਭਿਆਚਾਰ ਵਿੱਚ ਘੱਗਰਾ ਇੱਕ ਅਜਿਹਾ ਪਹਿਰਾਵਾ ਰਿਹਾ ਹੈ ਜੋ ਔਰਤਾਂ ਦੀ ਸ਼ਾਨ ਅਤੇ ਸੁੰਦਰਤਾ ਦਾ ਪ੍ਰਤੀਕ ਮੰਨਿਆ ਜਾਂਦਾ ਸੀ।

ਅੱਜ ਦੇ ਸਮੇਂ ਵਿੱਚ ਇਹ ਪਹਿਰਾਵਾ ਲਗਭਗ ਅਲੋਪ ਹੋ ਗਿਆ ਹੈ। ਨਵੀਂ ਪੀੜ੍ਹੀ ਨੂੰ ਤਾਂ ਇਸ ਬਾਰੇ ਕੁਝ ਨਹੀਂ ਪਤਾ।

ਵਿਆਹਾਂ ਵਿੱਚ ਘੱਗਰਾ ਪਾ ਕੇ ਗਿੱਧਾ ਪਾਉਣਾ, ਬੋਲੀਆਂ ਪਾਉਣੀਆਂ ਅਤੇ ਨੱਚਣਾ ਪੰਜਾਬਣਾਂ ਦੀ ਪਛਾਣ ਸੀ।

ਇਸ ਲਈ ਤਾਂ ਗੁਰਦਵਾਰਾ ਸਾਹਿਬ ਵਿੱਚ ਵੀ ਰਸਮ-ਰਿਵਾਜ਼ ਅਤੇ ਪਹਿਰਾਵੇ ਦੀ ਸਾਂਭ-ਸੰਭਾਲ ਬਹੁਤ ਜ਼ਰੂਰੀ ਹੈ।

ਵਿਆਹਾਂ ਵਿੱਚ ਘੱਗਰਾ ਪਾ ਕੇ ਗਿੱਧਾ ਪਾਉਣਾ, ਬੋਲੀਆਂ ਪਾਉਣੀਆਂ ਅਤੇ ਨੱਚਣਾ ਪੰਜਾਬਣਾਂ ਦੀ ਪਛਾਣ ਸੀ।

ਅੱਜ ਦੇ ਸਮੇਂ ਵਿੱਚ ਇਹ ਪਹਿਰਾਵਾ ਲਗਭਗ ਅਲੋਪ ਹੋ ਗਿਆ ਹੈ। ਨਵੀਂ ਪੀੜ੍ਹੀ ਨੂੰ ਤਾਂ ਇਸ ਬਾਰੇ ਕੁਝ ਨਹੀਂ ਪਤਾ।

ਇਸ ਲਈ ਤਾਂ ਗੁਰਦਵਾਰਾ ਸਾਹਿਬ ਵਿੱਚ ਵੀ ਰਸਮ-ਰਿਵਾਜ਼ ਅਤੇ ਪਹਿਰਾਵੇ ਦੀ ਸਾਂਭ-ਸੰਭਾਲ ਬਹੁਤ ਜ਼ਰੂਰੀ ਹੈ।

ਪੰਜਾਬੀ ਸੱਭਿਆਚਾਰ ਵਿੱਚ ਘੱਗਰਾ ਇੱਕ ਅਜਿਹਾ ਪਹਿਰਾਵਾ ਰਿਹਾ ਹੈ ਜੋ ਔਰਤਾਂ ਦੀ ਸ਼ਾਨ ਅਤੇ ਸੁੰਦਰਤਾ ਦਾ ਪ੍ਰਤੀਕ ਮੰਨਿਆ ਜਾਂਦਾ ਸੀ।

ਵਿਆਹਾਂ ਵਿੱਚ ਘੱਗਰਾ ਪਾ ਕੇ ਗਿੱਧਾ ਪਾਉਣਾ, ਬੋਲੀਆਂ ਪਾਉਣੀਆਂ ਅਤੇ ਨੱਚਣਾ ਪੰਜਾਬਣਾਂ ਦੀ ਪਛਾਣ ਸੀ।

ਸੰਪਾਦਕ-ਦਵਿੰਦਰ ਕੁਮਾਰ ਨੇ ਪ੍ਰਿੰਟਰ, ਇਮਪ੍ਰੈਸ਼ਨ ਪ੍ਰਿੰਟਿੰਗ ਅਤੇ ਪੈਕਿੰਗ ਲਿਮਿਟਿਡ, ਪਲਾਟ 22 ਅਤੇ 49 ਜੀਐੱਫ, ਇੰਡਸਟਰੀ ਏਰੀਆ, ਫੇਸ-2 ਪੰਚਕੂਲਾ (ਹਰਿਆਣਾ) ਤੋਂ ਪ੍ਰਕਾਸ਼ਿਤ Title code : CHAMUL00914
Editor-Davinder Kumar printed at Impression Printing & Packaging Ltd.Plot 22 & 49GF, Industrial Area, Phase-2 Panchkula(Haryana)-134115
